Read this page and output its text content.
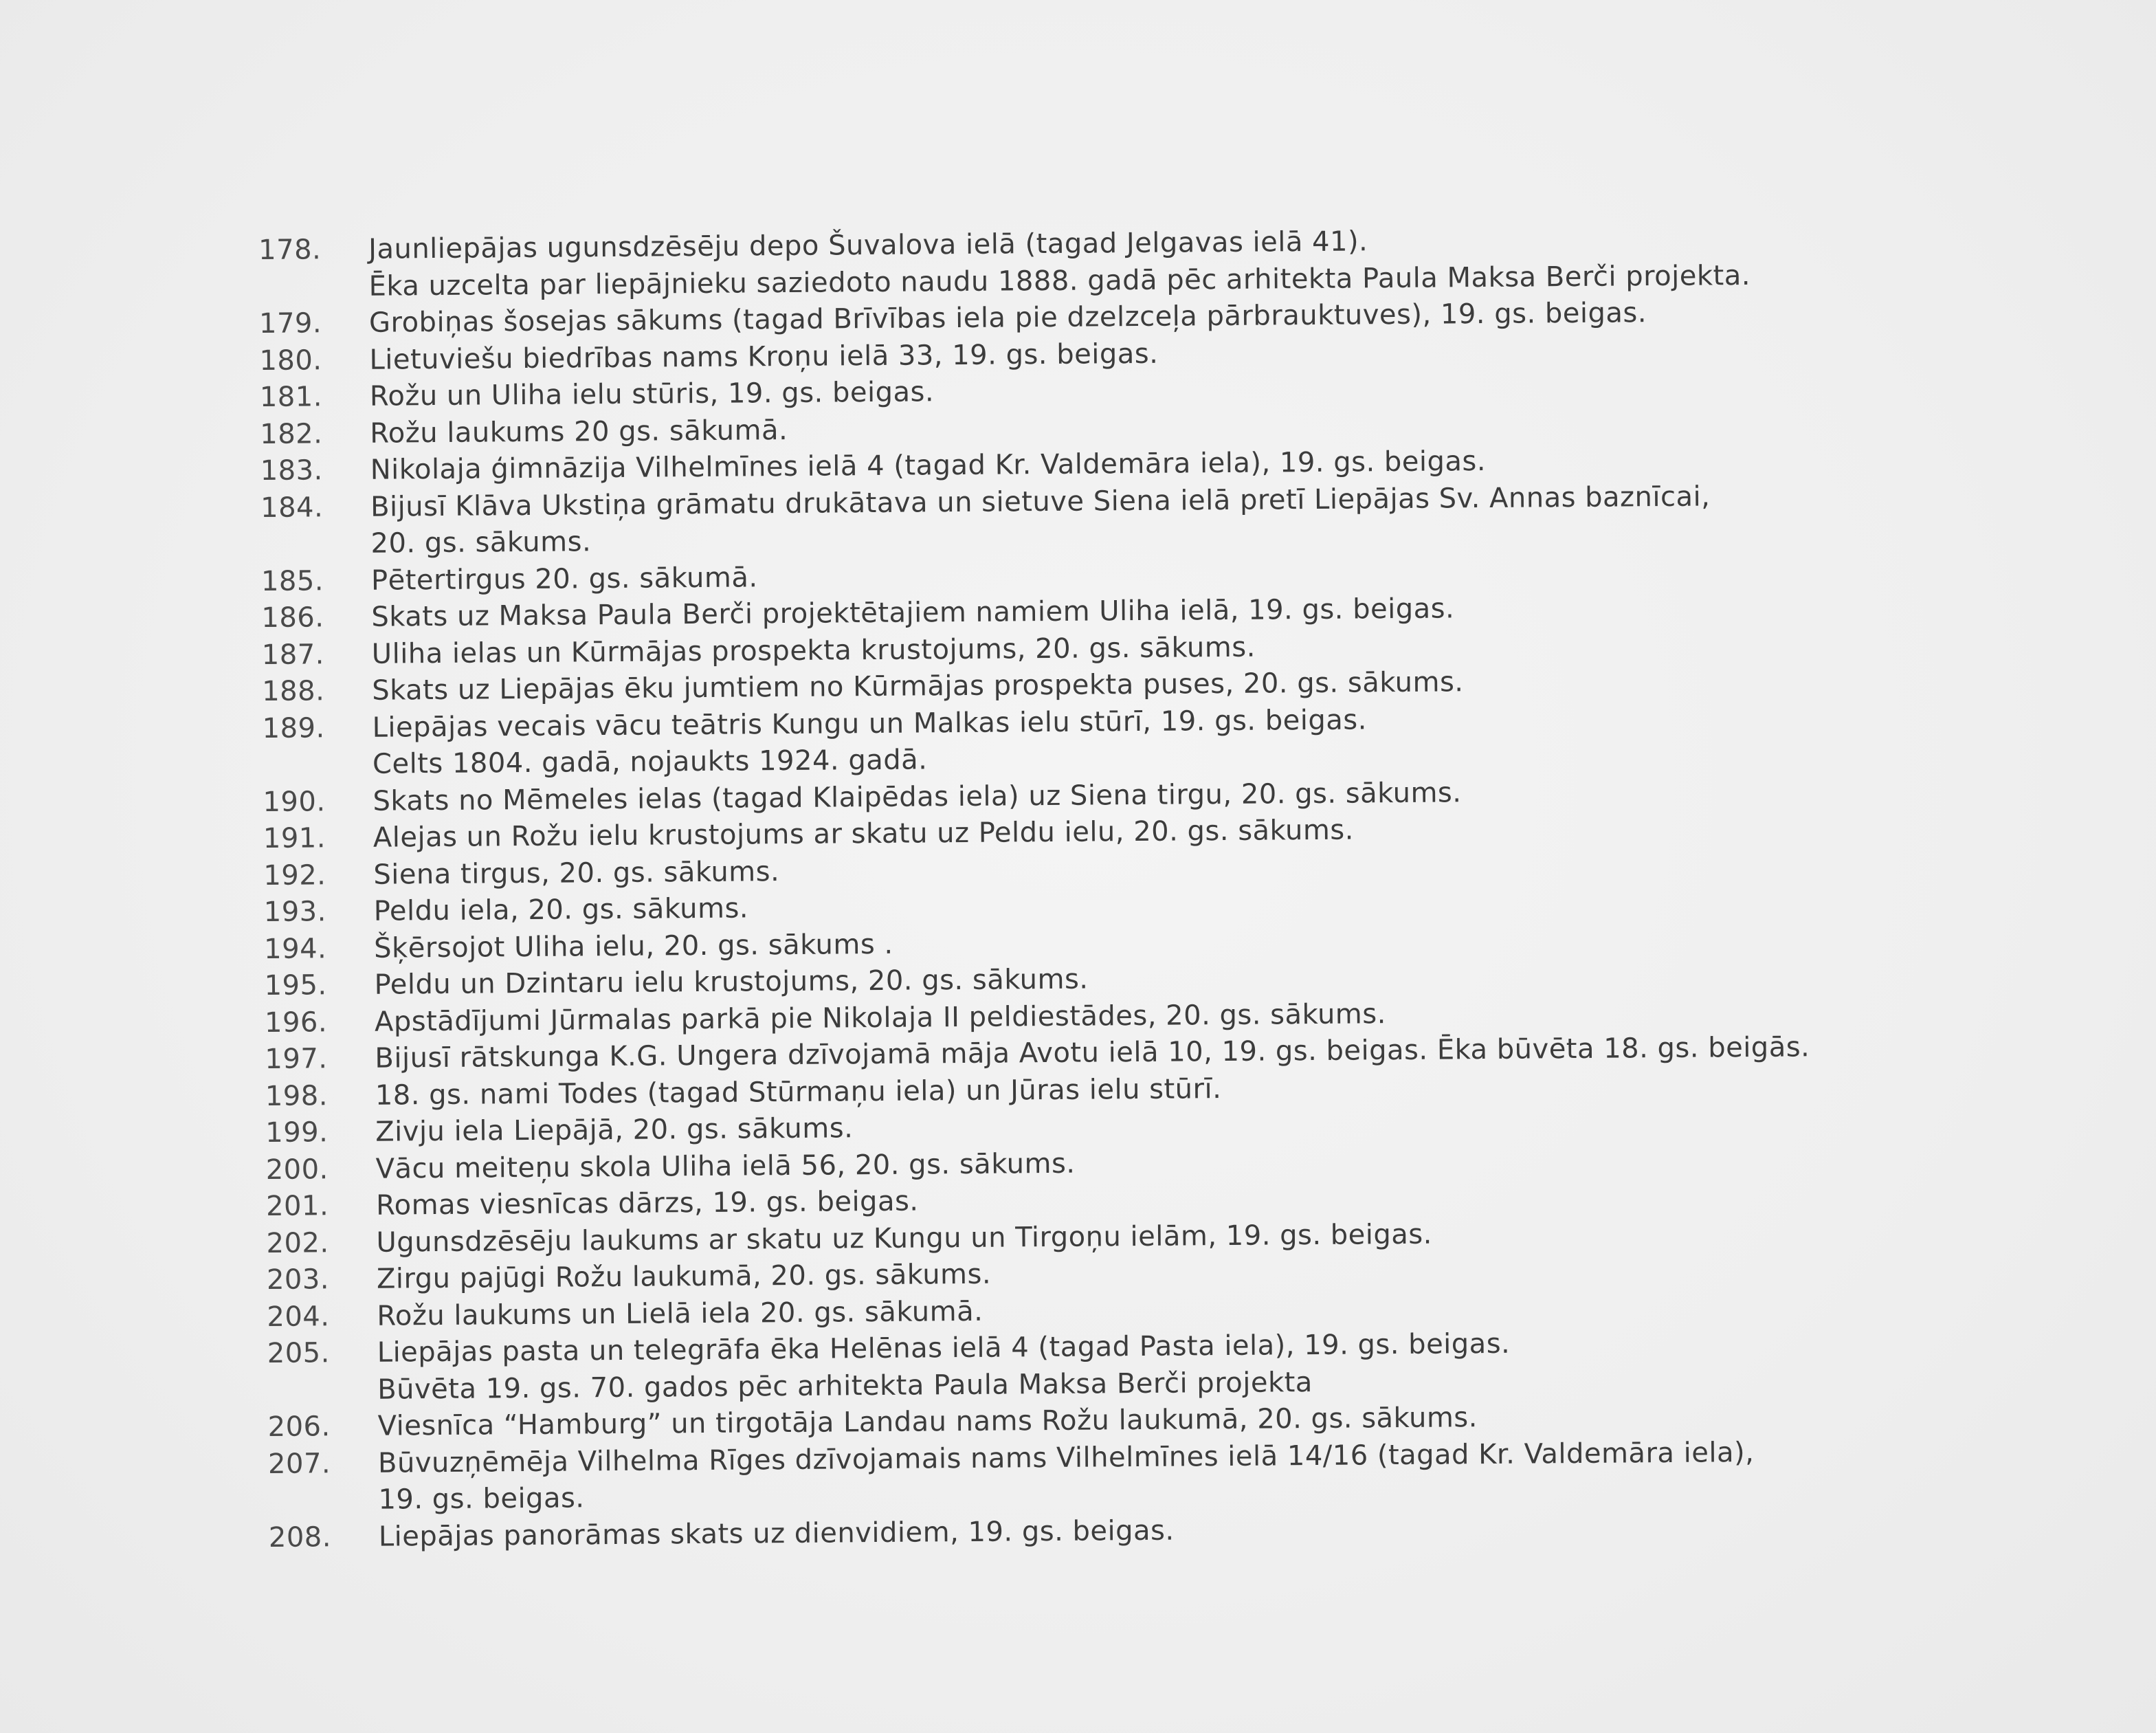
178.	Jaunliepājas ugunsdzēsēju depo Šuvalova ielā (tagad Jelgavas ielā 41).
Ēka uzcelta par liepājnieku saziedoto naudu 1888. gadā pēc arhitekta Paula Maksa Berči projekta.
179.	Grobiņas šosejas sākums (tagad Brīvības iela pie dzelzceļa pārbrauktuves), 19. gs. beigas.
180.	Lietuviešu biedrības nams Kroņu ielā 33, 19. gs. beigas.
181.	Rožu un Uliha ielu stūris, 19. gs. beigas.
182.	Rožu laukums 20 gs. sākumā.
183.	Nikolaja ģimnāzija Vilhelmīnes ielā 4 (tagad Kr. Valdemāra iela), 19. gs. beigas.
184.	Bijusī Klāva Ukstiņa grāmatu drukātava un sietuve Siena ielā pretī Liepājas Sv. Annas baznīcai,
20. gs. sākums.
185.	Pētertirgus 20. gs. sākumā.
186.	Skats uz Maksa Paula Berči projektētajiem namiem Uliha ielā, 19. gs. beigas.
187.	Uliha ielas un Kūrmājas prospekta krustojums, 20. gs. sākums.
188.	Skats uz Liepājas ēku jumtiem no Kūrmājas prospekta puses, 20. gs. sākums.
189.	Liepājas vecais vācu teātris Kungu un Malkas ielu stūrī, 19. gs. beigas.
Celts 1804. gadā, nojaukts 1924. gadā.
190.	Skats no Mēmeles ielas (tagad Klaipēdas iela) uz Siena tirgu, 20. gs. sākums.
191.	Alejas un Rožu ielu krustojums ar skatu uz Peldu ielu, 20. gs. sākums.
192.	Siena tirgus, 20. gs. sākums.
193.	Peldu iela, 20. gs. sākums.
194.	Šķērsojot Uliha ielu, 20. gs. sākums .
195.	Peldu un Dzintaru ielu krustojums, 20. gs. sākums.
196.	Apstādījumi Jūrmalas parkā pie Nikolaja II peldiestādes, 20. gs. sākums.
197.	Bijusī rātskunga K.G. Ungera dzīvojamā māja Avotu ielā 10, 19. gs. beigas. Ēka būvēta 18. gs. beigās.
198.	18. gs. nami Todes (tagad Stūrmaņu iela) un Jūras ielu stūrī.
199.	Zivju iela Liepājā, 20. gs. sākums.
200.	Vācu meiteņu skola Uliha ielā 56, 20. gs. sākums.
201.	Romas viesnīcas dārzs, 19. gs. beigas.
202.	Ugunsdzēsēju laukums ar skatu uz Kungu un Tirgoņu ielām, 19. gs. beigas.
203.	Zirgu pajūgi Rožu laukumā, 20. gs. sākums.
204.	Rožu laukums un Lielā iela 20. gs. sākumā.
205.	Liepājas pasta un telegrāfa ēka Helēnas ielā 4 (tagad Pasta iela), 19. gs. beigas.
Būvēta 19. gs. 70. gados pēc arhitekta Paula Maksa Berči projekta
206.	Viesnīca “Hamburg” un tirgotāja Landau nams Rožu laukumā, 20. gs. sākums.
207.	Būvuzņēmēja Vilhelma Rīges dzīvojamais nams Vilhelmīnes ielā 14/16 (tagad Kr. Valdemāra iela),
19. gs. beigas.
208.	Liepājas panorāmas skats uz dienvidiem, 19. gs. beigas.
